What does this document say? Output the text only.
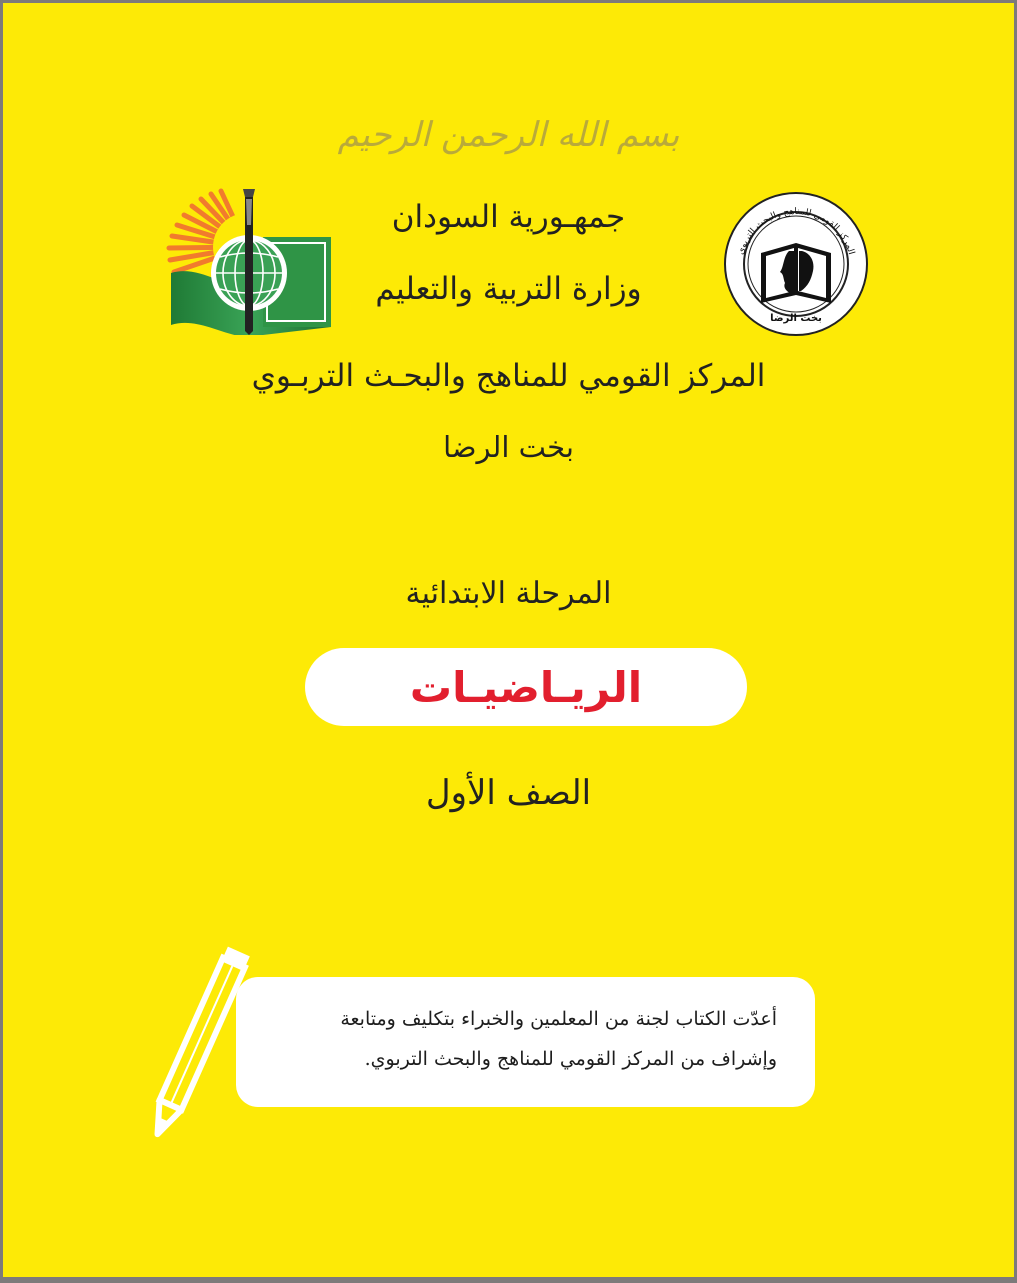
بسم الله الرحمن الرحيم
المركز القومي للمناهج والبحث التربوي
بخت الرضا
جمهـورية السودان
وزارة التربية والتعليم
المركز القومي للمناهج والبحـث التربـوي
بخت الرضا
المرحلة الابتدائية
الريـاضيـات
الصف الأول
أعدّت الكتاب لجنة من المعلمين والخبراء بتكليف ومتابعة
وإشراف من المركز القومي للمناهج والبحث التربوي.
